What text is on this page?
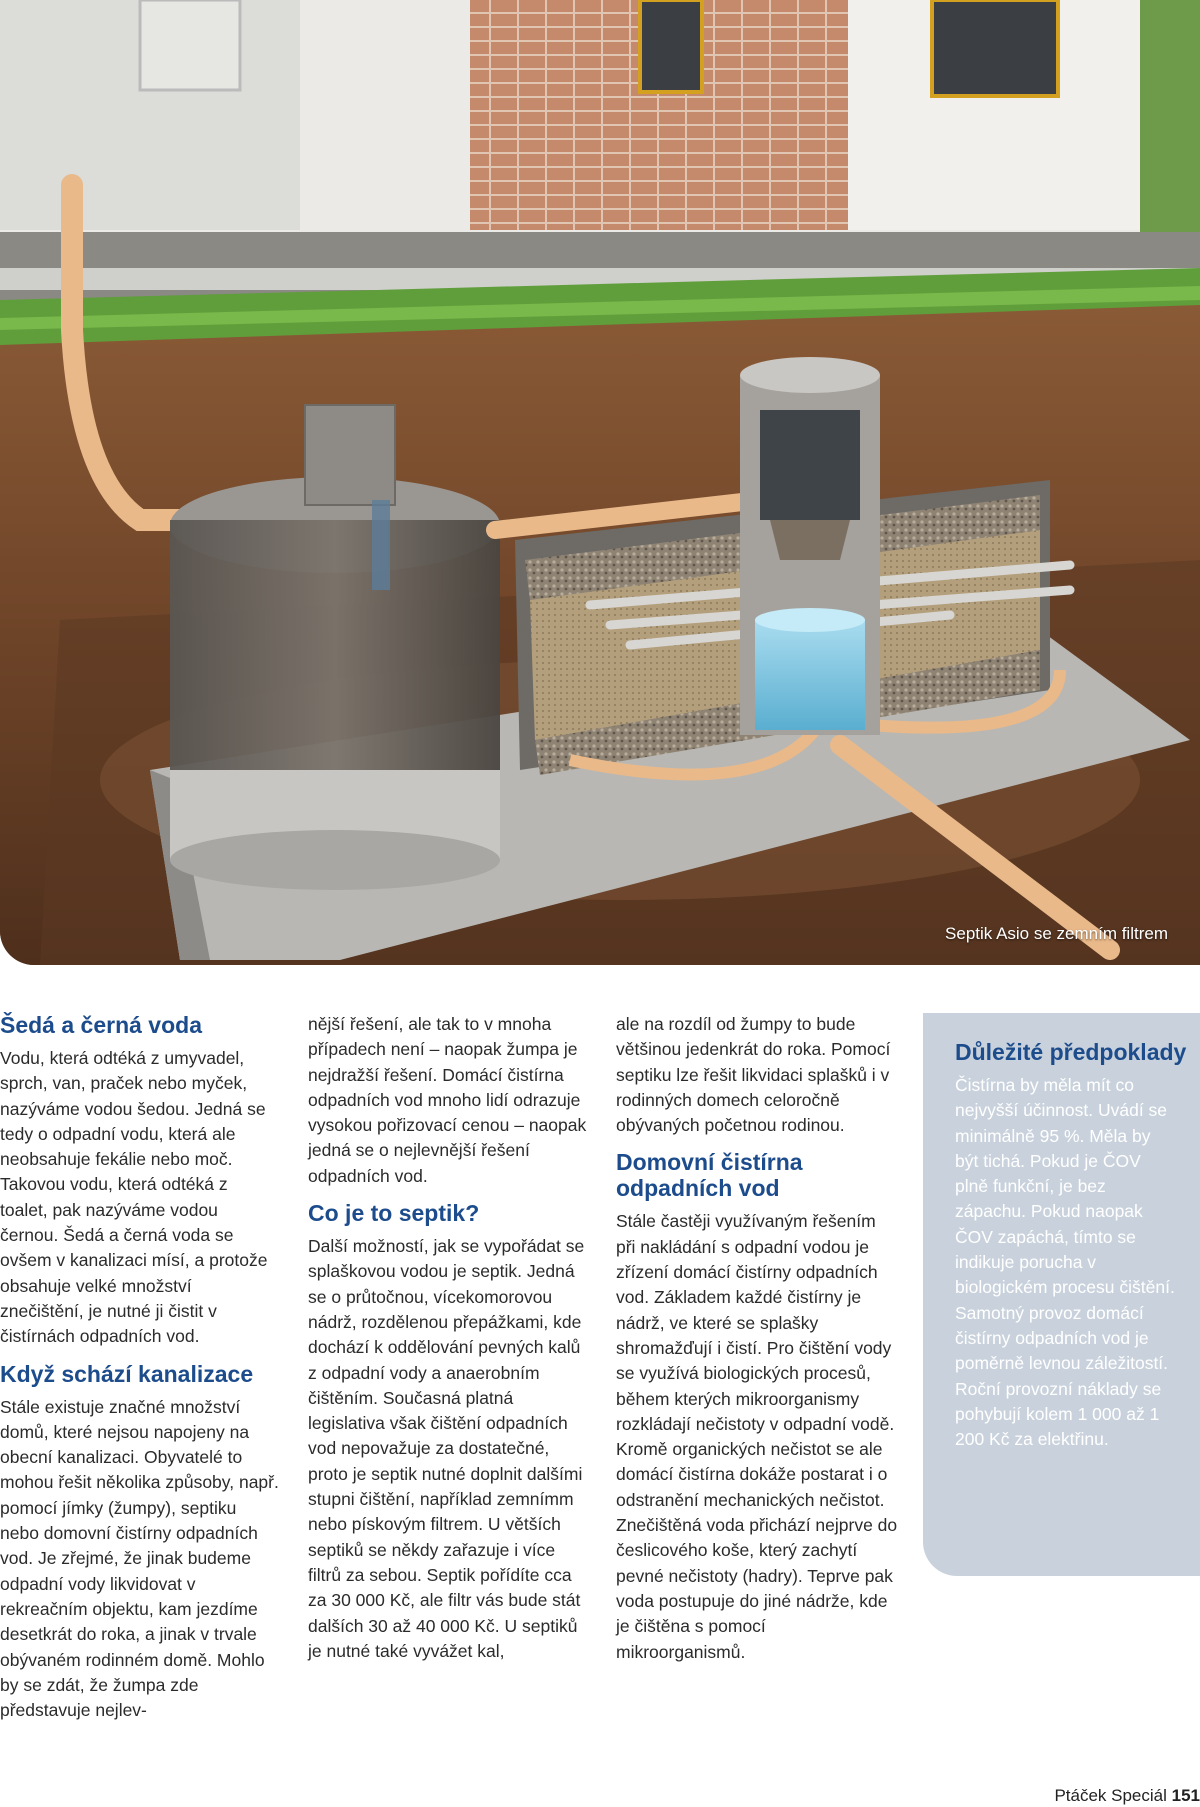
Septik Asio se zemním filtrem
Šedá a černá voda

Vodu, která odtéká z umyvadel, sprch, van, praček nebo myček, nazýváme vodou šedou. Jedná se tedy o odpadní vodu, která ale neobsahuje fekálie nebo moč. Takovou vodu, která odtéká z toalet, pak nazýváme vodou černou. Šedá a černá voda se ovšem v kanalizaci mísí, a protože obsahuje velké množství znečištění, je nutné ji čistit v čistírnách odpadních vod.

Když schází kanalizace

Stále existuje značné množství domů, které nejsou napojeny na obecní kanalizaci. Obyvatelé to mohou řešit několika způsoby, např. pomocí jímky (žumpy), septiku nebo domovní čistírny odpadních vod. Je zřejmé, že jinak budeme odpadní vody likvidovat v rekreačním objektu, kam jezdíme desetkrát do roka, a jinak v trvale obývaném rodinném domě. Mohlo by se zdát, že žumpa zde představuje nejlev-

nější řešení, ale tak to v mnoha případech není – naopak žumpa je nejdražší řešení. Domácí čistírna odpadních vod mnoho lidí odrazuje vysokou pořizovací cenou – naopak jedná se o nejlevnější řešení odpadních vod.

Co je to septik?

Další možností, jak se vypořádat se splaškovou vodou je septik. Jedná se o průtočnou, vícekomorovou nádrž, rozdělenou přepážkami, kde dochází k oddělování pevných kalů z odpadní vody a anaerobním čištěním. Současná platná legislativa však čištění odpadních vod nepovažuje za dostatečné, proto je septik nutné doplnit dalšími stupni čištění, například zemnímm nebo pískovým filtrem. U větších septiků se někdy zařazuje i více filtrů za sebou. Septik pořídíte cca za 30 000 Kč, ale filtr vás bude stát dalších 30 až 40 000 Kč. U septiků je nutné také vyvážet kal,

ale na rozdíl od žumpy to bude většinou jedenkrát do roka. Pomocí septiku lze řešit likvidaci splašků i v rodinných domech celoročně obývaných početnou rodinou.

Domovní čistírna odpadních vod

Stále častěji využívaným řešením při nakládání s odpadní vodou je zřízení domácí čistírny odpadních vod. Základem každé čistírny je nádrž, ve které se splašky shromažďují i čistí. Pro čištění vody se využívá biologických procesů, během kterých mikroorganismy rozkládají nečistoty v odpadní vodě. Kromě organických nečistot se ale domácí čistírna dokáže postarat i o odstranění mechanických nečistot. Znečištěná voda přichází nejprve do česlicového koše, který zachytí pevné nečistoty (hadry). Teprve pak voda postupuje do jiné nádrže, kde je čištěna s pomocí mikroorganismů.

Důležité předpoklady

Čistírna by měla mít co nejvyšší účinnost. Uvádí se minimálně 95 %. Měla by být tichá. Pokud je ČOV plně funkční, je bez zápachu. Pokud naopak ČOV zapáchá, tímto se indikuje porucha v biologickém procesu čištění. Samotný provoz domácí čistírny odpadních vod je poměrně levnou záležitostí. Roční provozní náklady se pohybují kolem 1 000 až 1 200 Kč za elektřinu.

Ptáček Speciál 151
